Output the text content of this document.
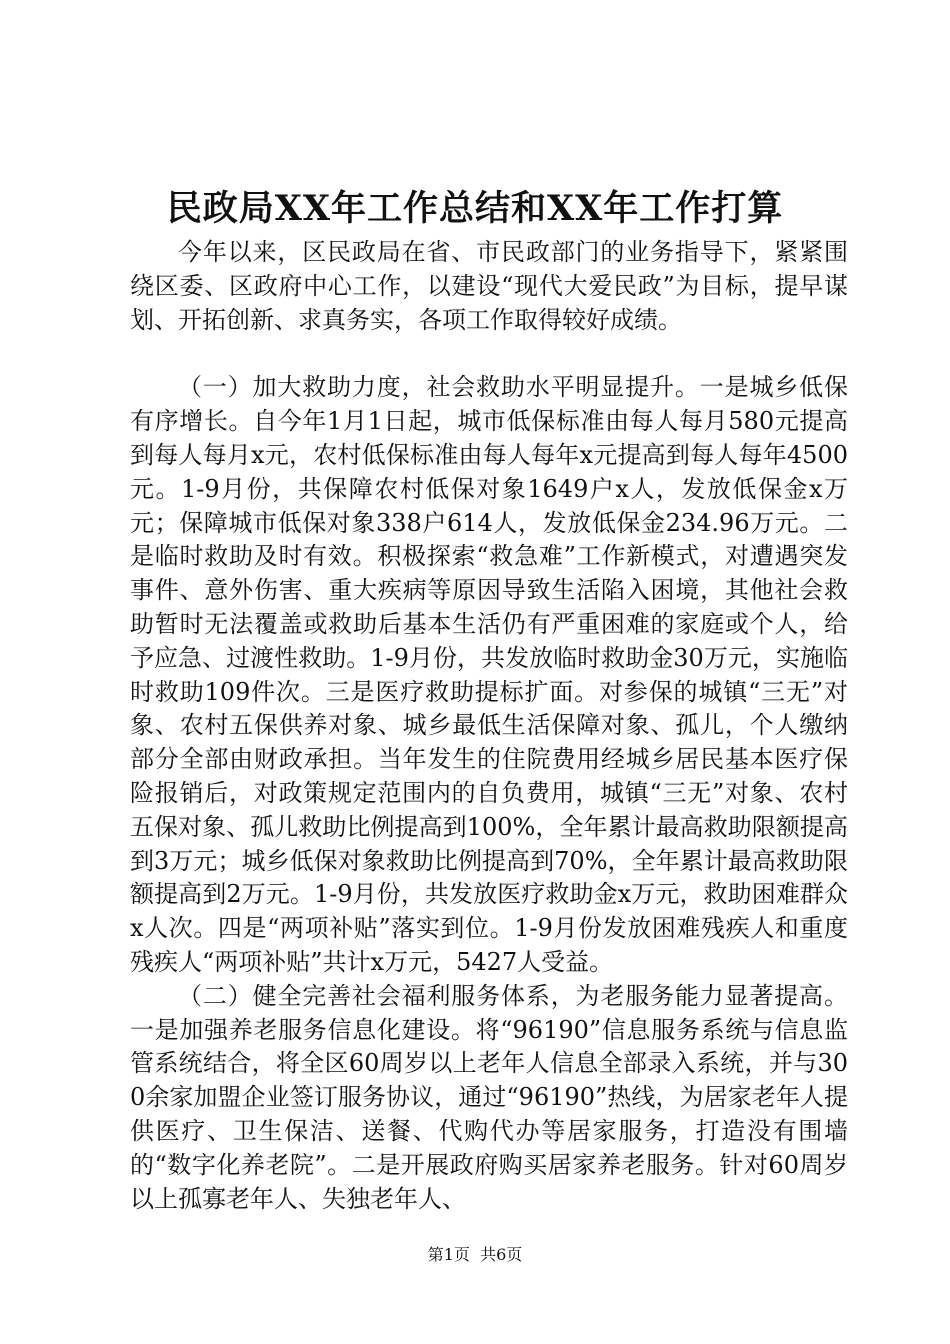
民政局XX年工作总结和XX年工作打算

今年以来，区民政局在省、市民政部门的业务指导下，紧紧围绕区委、区政府中心工作，以建设“现代大爱民政”为目标，提早谋划、开拓创新、求真务实，各项工作取得较好成绩。

（一）加大救助力度，社会救助水平明显提升。一是城乡低保有序增长。自今年1月1日起，城市低保标准由每人每月580元提高到每人每月x元，农村低保标准由每人每年x元提高到每人每年4500元。1-9月份，共保障农村低保对象1649户x人，发放低保金x万元；保障城市低保对象338户614人，发放低保金234.96万元。二是临时救助及时有效。积极探索“救急难”工作新模式，对遭遇突发事件、意外伤害、重大疾病等原因导致生活陷入困境，其他社会救助暂时无法覆盖或救助后基本生活仍有严重困难的家庭或个人，给予应急、过渡性救助。1-9月份，共发放临时救助金30万元，实施临时救助109件次。三是医疗救助提标扩面。对参保的城镇“三无”对象、农村五保供养对象、城乡最低生活保障对象、孤儿，个人缴纳部分全部由财政承担。当年发生的住院费用经城乡居民基本医疗保险报销后，对政策规定范围内的自负费用，城镇“三无”对象、农村五保对象、孤儿救助比例提高到100%，全年累计最高救助限额提高到3万元；城乡低保对象救助比例提高到70%，全年累计最高救助限额提高到2万元。1-9月份，共发放医疗救助金x万元，救助困难群众x人次。四是“两项补贴”落实到位。1-9月份发放困难残疾人和重度残疾人“两项补贴”共计x万元，5427人受益。

（二）健全完善社会福利服务体系，为老服务能力显著提高。一是加强养老服务信息化建设。将“96190”信息服务系统与信息监管系统结合，将全区60周岁以上老年人信息全部录入系统，并与300余家加盟企业签订服务协议，通过“96190”热线，为居家老年人提供医疗、卫生保洁、送餐、代购代办等居家服务，打造没有围墙的“数字化养老院”。二是开展政府购买居家养老服务。针对60周岁以上孤寡老年人、失独老年人、

第1页  共6页
